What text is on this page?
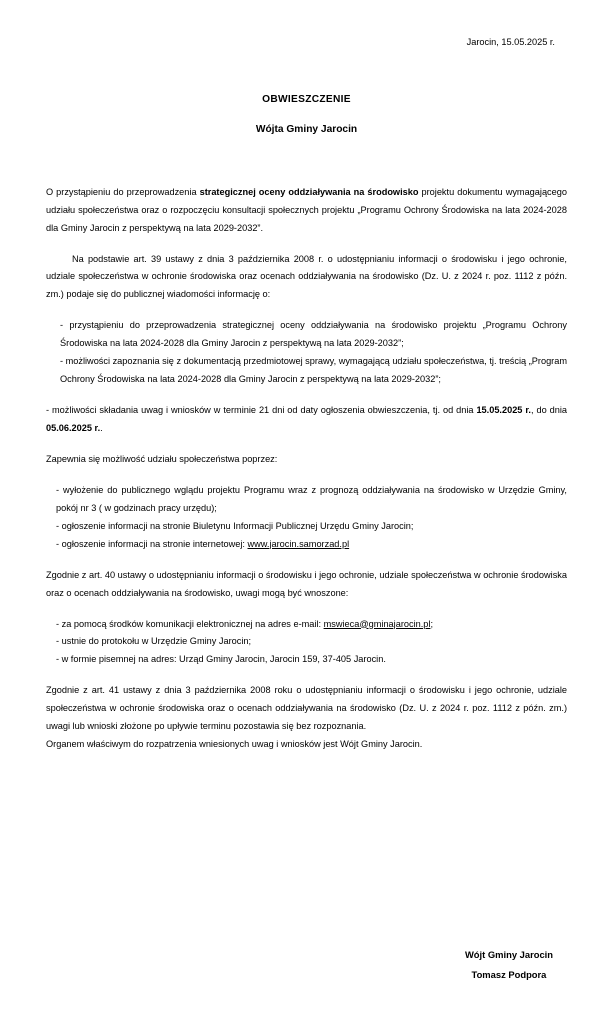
Jarocin, 15.05.2025 r.
OBWIESZCZENIE
Wójta Gminy Jarocin

O przystąpieniu do przeprowadzenia strategicznej oceny oddziaływania na środowisko projektu dokumentu wymagającego udziału społeczeństwa oraz o rozpoczęciu konsultacji społecznych projektu „Programu Ochrony Środowiska na lata 2024-2028 dla Gminy Jarocin z perspektywą na lata 2029-2032”.

Na podstawie art. 39 ustawy z dnia 3 października 2008 r. o udostępnianiu informacji o środowisku i jego ochronie, udziale społeczeństwa w ochronie środowiska oraz ocenach oddziaływania na środowisko (Dz. U. z 2024 r. poz. 1112 z późn. zm.) podaje się do publicznej wiadomości informację o:

- przystąpieniu do przeprowadzenia strategicznej oceny oddziaływania na środowisko projektu „Programu Ochrony Środowiska na lata 2024-2028 dla Gminy Jarocin z perspektywą na lata 2029-2032”;

- możliwości zapoznania się z dokumentacją przedmiotowej sprawy, wymagającą udziału społeczeństwa, tj. treścią „Program Ochrony Środowiska na lata 2024-2028 dla Gminy Jarocin z perspektywą na lata 2029-2032”;

- możliwości składania uwag i wniosków w terminie 21 dni od daty ogłoszenia obwieszczenia, tj. od dnia 15.05.2025 r., do dnia 05.06.2025 r..

Zapewnia się możliwość udziału społeczeństwa poprzez:

- wyłożenie do publicznego wglądu projektu Programu wraz z prognozą oddziaływania na środowisko w Urzędzie Gminy, pokój nr 3 ( w godzinach pracy urzędu);

- ogłoszenie informacji na stronie Biuletynu Informacji Publicznej Urzędu Gminy Jarocin;

- ogłoszenie informacji na stronie internetowej: www.jarocin.samorzad.pl

Zgodnie z art. 40 ustawy o udostępnianiu informacji o środowisku i jego ochronie, udziale społeczeństwa w ochronie środowiska oraz o ocenach oddziaływania na środowisko, uwagi mogą być wnoszone:

- za pomocą środków komunikacji elektronicznej na adres e-mail: mswieca@gminajarocin.pl;

- ustnie do protokołu w Urzędzie Gminy Jarocin;

- w formie pisemnej na adres: Urząd Gminy Jarocin, Jarocin 159, 37-405 Jarocin.

Zgodnie z art. 41 ustawy z dnia 3 października 2008 roku o udostępnianiu informacji o środowisku i jego ochronie, udziale społeczeństwa w ochronie środowiska oraz o ocenach oddziaływania na środowisko (Dz. U. z 2024 r. poz. 1112 z późn. zm.) uwagi lub wnioski złożone po upływie terminu pozostawia się bez rozpoznania.

Organem właściwym do rozpatrzenia wniesionych uwag i wniosków jest Wójt Gminy Jarocin.

Wójt Gminy Jarocin
Tomasz Podpora
